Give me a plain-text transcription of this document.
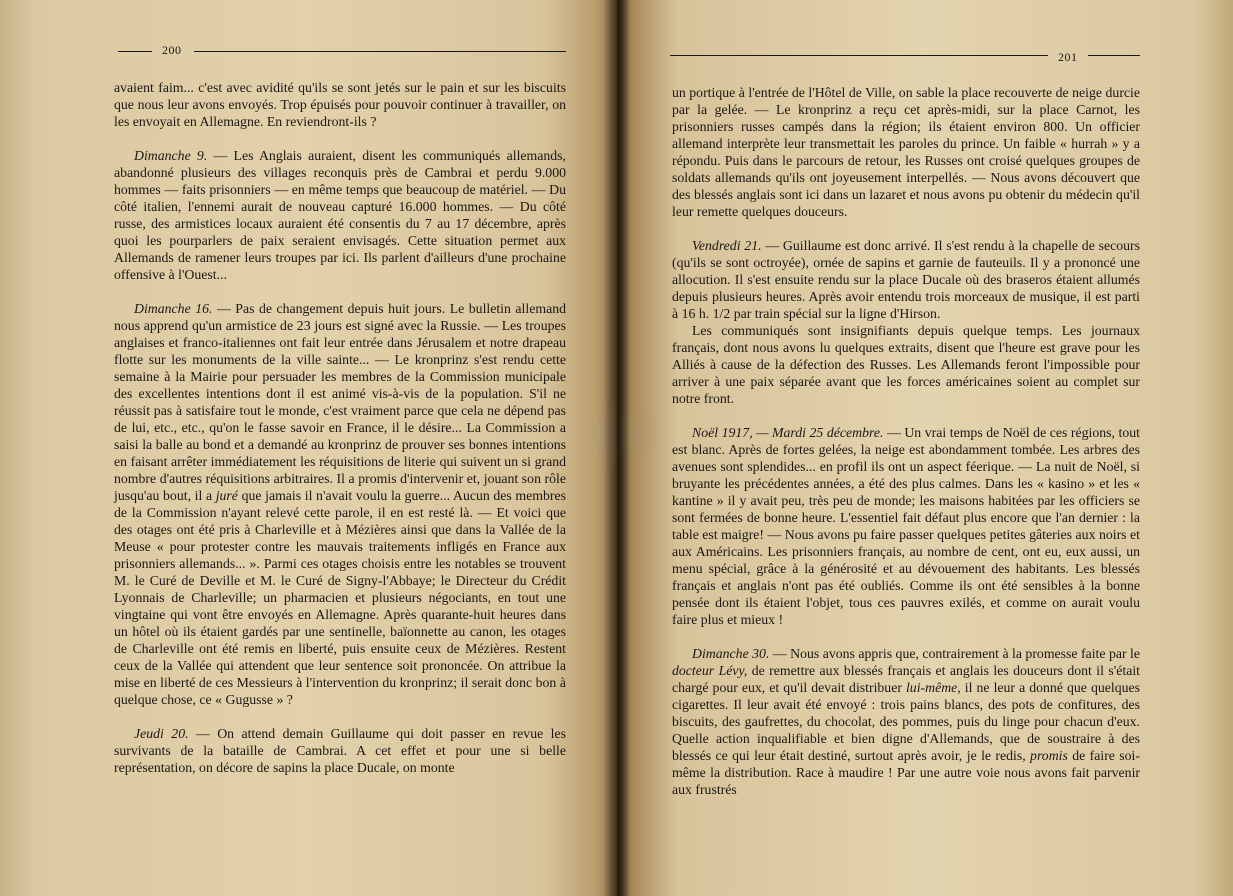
200

avaient faim... c'est avec avidité qu'ils se sont jetés sur le pain et sur les biscuits que nous leur avons envoyés. Trop épuisés pour pouvoir continuer à travailler, on les envoyait en Allemagne. En reviendront-ils ?

Dimanche 9. — Les Anglais auraient, disent les communiqués allemands, abandonné plusieurs des villages reconquis près de Cambrai et perdu 9.000 hommes — faits prisonniers — en même temps que beaucoup de matériel. — Du côté italien, l'ennemi aurait de nouveau capturé 16.000 hommes. — Du côté russe, des armistices locaux auraient été consentis du 7 au 17 décembre, après quoi les pourparlers de paix seraient envisagés. Cette situation permet aux Allemands de ramener leurs troupes par ici. Ils parlent d'ailleurs d'une prochaine offensive à l'Ouest...

Dimanche 16. — Pas de changement depuis huit jours. Le bulletin allemand nous apprend qu'un armistice de 23 jours est signé avec la Russie. — Les troupes anglaises et franco-italiennes ont fait leur entrée dans Jérusalem et notre drapeau flotte sur les monuments de la ville sainte... — Le kronprinz s'est rendu cette semaine à la Mairie pour persuader les membres de la Commission municipale des excellentes intentions dont il est animé vis-à-vis de la population. S'il ne réussit pas à satisfaire tout le monde, c'est vraiment parce que cela ne dépend pas de lui, etc., etc., qu'on le fasse savoir en France, il le désire... La Commission a saisi la balle au bond et a demandé au kronprinz de prouver ses bonnes intentions en faisant arrêter immédiatement les réquisitions de literie qui suivent un si grand nombre d'autres réquisitions arbitraires. Il a promis d'intervenir et, jouant son rôle jusqu'au bout, il a juré que jamais il n'avait voulu la guerre... Aucun des membres de la Commission n'ayant relevé cette parole, il en est resté là. — Et voici que des otages ont été pris à Charleville et à Mézières ainsi que dans la Vallée de la Meuse « pour protester contre les mauvais traitements infligés en France aux prisonniers allemands... ». Parmi ces otages choisis entre les notables se trouvent M. le Curé de Deville et M. le Curé de Signy-l'Abbaye; le Directeur du Crédit Lyonnais de Charleville; un pharmacien et plusieurs négociants, en tout une vingtaine qui vont être envoyés en Allemagne. Après quarante-huit heures dans un hôtel où ils étaient gardés par une sentinelle, baïonnette au canon, les otages de Charleville ont été remis en liberté, puis ensuite ceux de Mézières. Restent ceux de la Vallée qui attendent que leur sentence soit prononcée. On attribue la mise en liberté de ces Messieurs à l'intervention du kronprinz; il serait donc bon à quelque chose, ce « Gugusse » ?

Jeudi 20. — On attend demain Guillaume qui doit passer en revue les survivants de la bataille de Cambrai. A cet effet et pour une si belle représentation, on décore de sapins la place Ducale, on monte

201

un portique à l'entrée de l'Hôtel de Ville, on sable la place recouverte de neige durcie par la gelée. — Le kronprinz a reçu cet après-midi, sur la place Carnot, les prisonniers russes campés dans la région; ils étaient environ 800. Un officier allemand interprète leur transmettait les paroles du prince. Un faible « hurrah » y a répondu. Puis dans le parcours de retour, les Russes ont croisé quelques groupes de soldats allemands qu'ils ont joyeusement interpellés. — Nous avons découvert que des blessés anglais sont ici dans un lazaret et nous avons pu obtenir du médecin qu'il leur remette quelques douceurs.

Vendredi 21. — Guillaume est donc arrivé. Il s'est rendu à la chapelle de secours (qu'ils se sont octroyée), ornée de sapins et garnie de fauteuils. Il y a prononcé une allocution. Il s'est ensuite rendu sur la place Ducale où des braseros étaient allumés depuis plusieurs heures. Après avoir entendu trois morceaux de musique, il est parti à 16 h. 1/2 par train spécial sur la ligne d'Hirson.

Les communiqués sont insignifiants depuis quelque temps. Les journaux français, dont nous avons lu quelques extraits, disent que l'heure est grave pour les Alliés à cause de la défection des Russes. Les Allemands feront l'impossible pour arriver à une paix séparée avant que les forces américaines soient au complet sur notre front.

Noël 1917, — Mardi 25 décembre. — Un vrai temps de Noël de ces régions, tout est blanc. Après de fortes gelées, la neige est abondamment tombée. Les arbres des avenues sont splendides... en profil ils ont un aspect féerique. — La nuit de Noël, si bruyante les précédentes années, a été des plus calmes. Dans les « kasino » et les « kantine » il y avait peu, très peu de monde; les maisons habitées par les officiers se sont fermées de bonne heure. L'essentiel fait défaut plus encore que l'an dernier : la table est maigre! — Nous avons pu faire passer quelques petites gâteries aux noirs et aux Américains. Les prisonniers français, au nombre de cent, ont eu, eux aussi, un menu spécial, grâce à la générosité et au dévouement des habitants. Les blessés français et anglais n'ont pas été oubliés. Comme ils ont été sensibles à la bonne pensée dont ils étaient l'objet, tous ces pauvres exilés, et comme on aurait voulu faire plus et mieux !

Dimanche 30. — Nous avons appris que, contrairement à la promesse faite par le docteur Lévy, de remettre aux blessés français et anglais les douceurs dont il s'était chargé pour eux, et qu'il devait distribuer lui-même, il ne leur a donné que quelques cigarettes. Il leur avait été envoyé : trois pains blancs, des pots de confitures, des biscuits, des gaufrettes, du chocolat, des pommes, puis du linge pour chacun d'eux. Quelle action inqualifiable et bien digne d'Allemands, que de soustraire à des blessés ce qui leur était destiné, surtout après avoir, je le redis, promis de faire soi-même la distribution. Race à maudire ! Par une autre voie nous avons fait parvenir aux frustrés
